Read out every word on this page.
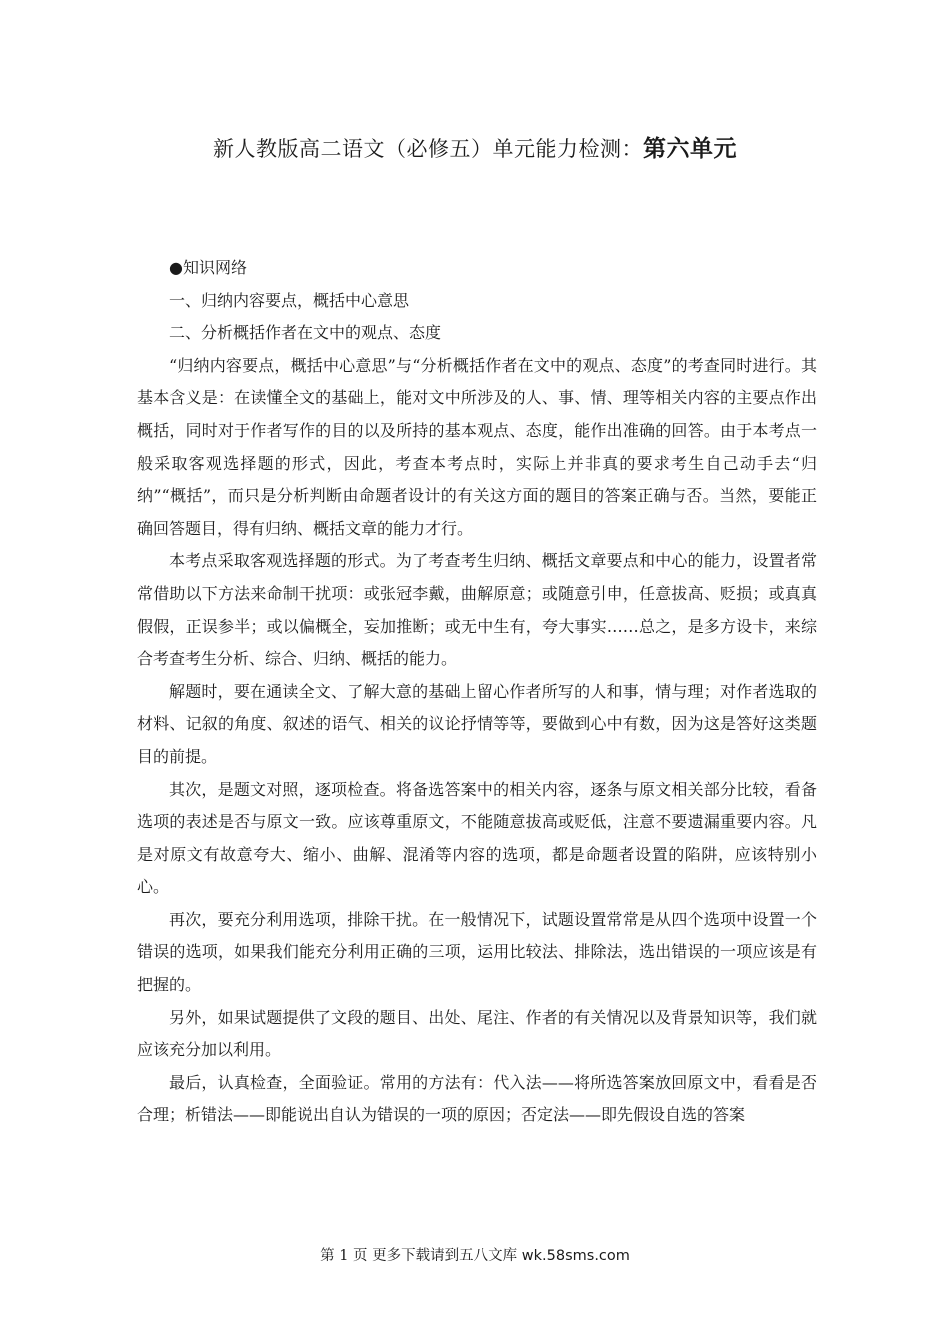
新人教版高二语文（必修五）单元能力检测：第六单元

●知识网络

一、归纳内容要点，概括中心意思

二、分析概括作者在文中的观点、态度

“归纳内容要点，概括中心意思”与“分析概括作者在文中的观点、态度”的考查同时进行。其基本含义是：在读懂全文的基础上，能对文中所涉及的人、事、情、理等相关内容的主要点作出概括，同时对于作者写作的目的以及所持的基本观点、态度，能作出准确的回答。由于本考点一般采取客观选择题的形式，因此，考查本考点时，实际上并非真的要求考生自己动手去“归纳”“概括”，而只是分析判断由命题者设计的有关这方面的题目的答案正确与否。当然，要能正确回答题目，得有归纳、概括文章的能力才行。

本考点采取客观选择题的形式。为了考查考生归纳、概括文章要点和中心的能力，设置者常常借助以下方法来命制干扰项：或张冠李戴，曲解原意；或随意引申，任意拔高、贬损；或真真假假，正误参半；或以偏概全，妄加推断；或无中生有，夸大事实……总之，是多方设卡，来综合考查考生分析、综合、归纳、概括的能力。

解题时，要在通读全文、了解大意的基础上留心作者所写的人和事，情与理；对作者选取的材料、记叙的角度、叙述的语气、相关的议论抒情等等，要做到心中有数，因为这是答好这类题目的前提。

其次，是题文对照，逐项检查。将备选答案中的相关内容，逐条与原文相关部分比较，看备选项的表述是否与原文一致。应该尊重原文，不能随意拔高或贬低，注意不要遗漏重要内容。凡是对原文有故意夸大、缩小、曲解、混淆等内容的选项，都是命题者设置的陷阱，应该特别小心。

再次，要充分利用选项，排除干扰。在一般情况下，试题设置常常是从四个选项中设置一个错误的选项，如果我们能充分利用正确的三项，运用比较法、排除法，选出错误的一项应该是有把握的。

另外，如果试题提供了文段的题目、出处、尾注、作者的有关情况以及背景知识等，我们就应该充分加以利用。

最后，认真检查，全面验证。常用的方法有：代入法——将所选答案放回原文中，看看是否合理；析错法——即能说出自认为错误的一项的原因；否定法——即先假设自选的答案

第 1 页 更多下载请到五八文库 wk.58sms.com
